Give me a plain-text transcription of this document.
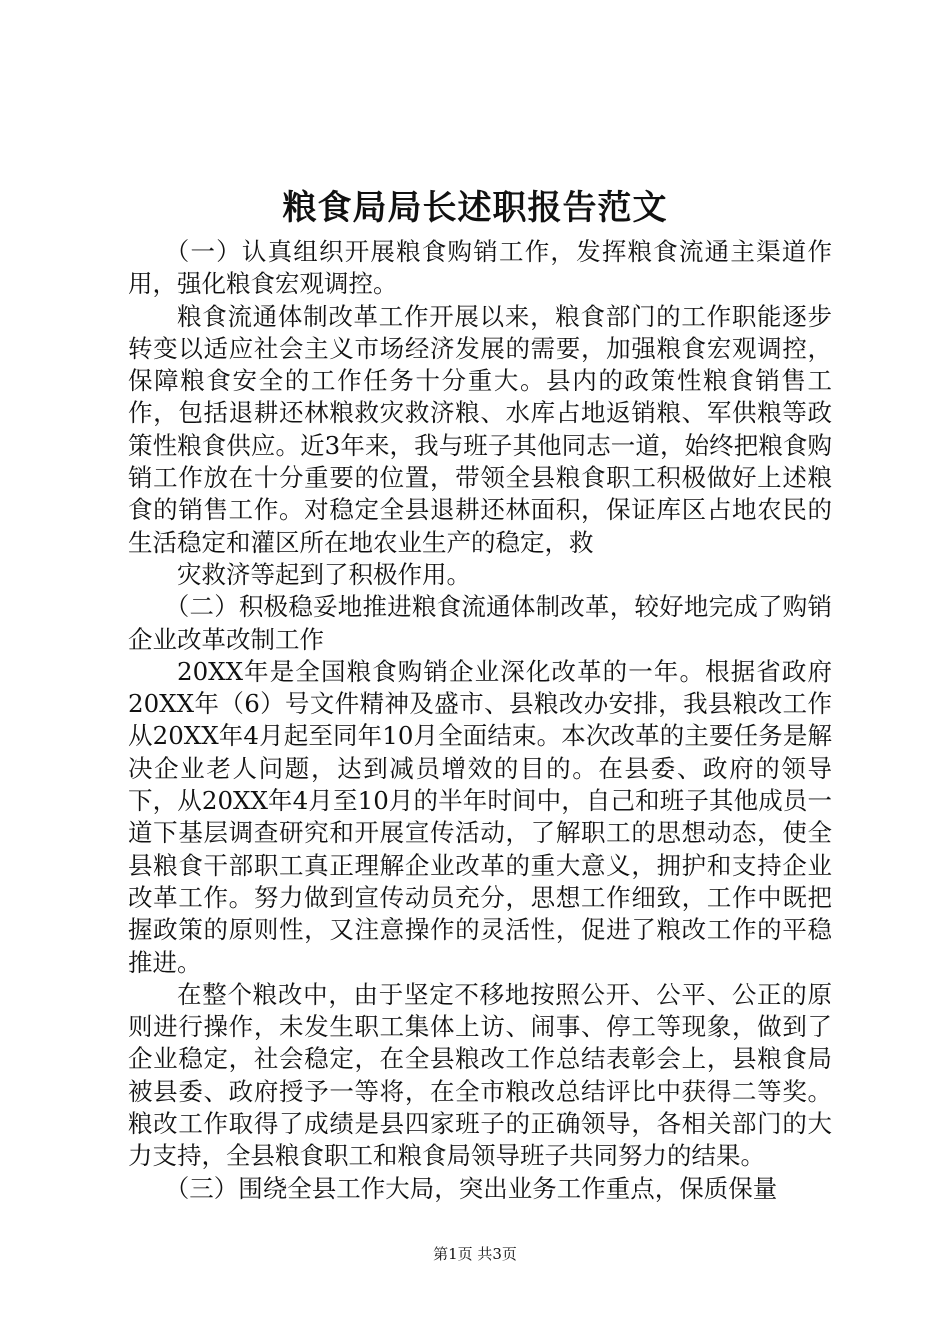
粮食局局长述职报告范文

（一）认真组织开展粮食购销工作，发挥粮食流通主渠道作用，强化粮食宏观调控。

粮食流通体制改革工作开展以来，粮食部门的工作职能逐步转变以适应社会主义市场经济发展的需要，加强粮食宏观调控，保障粮食安全的工作任务十分重大。县内的政策性粮食销售工作，包括退耕还林粮救灾救济粮、水库占地返销粮、军供粮等政策性粮食供应。近3年来，我与班子其他同志一道，始终把粮食购销工作放在十分重要的位置，带领全县粮食职工积极做好上述粮食的销售工作。对稳定全县退耕还林面积，保证库区占地农民的生活稳定和灌区所在地农业生产的稳定，救

灾救济等起到了积极作用。

（二）积极稳妥地推进粮食流通体制改革，较好地完成了购销企业改革改制工作

20XX年是全国粮食购销企业深化改革的一年。根据省政府20XX年（6）号文件精神及盛市、县粮改办安排，我县粮改工作从20XX年4月起至同年10月全面结束。本次改革的主要任务是解决企业老人问题，达到减员增效的目的。在县委、政府的领导下，从20XX年4月至10月的半年时间中，自己和班子其他成员一道下基层调查研究和开展宣传活动，了解职工的思想动态，使全县粮食干部职工真正理解企业改革的重大意义，拥护和支持企业改革工作。努力做到宣传动员充分，思想工作细致，工作中既把握政策的原则性，又注意操作的灵活性，促进了粮改工作的平稳推进。

在整个粮改中，由于坚定不移地按照公开、公平、公正的原则进行操作，未发生职工集体上访、闹事、停工等现象，做到了企业稳定，社会稳定，在全县粮改工作总结表彰会上，县粮食局被县委、政府授予一等将，在全市粮改总结评比中获得二等奖。粮改工作取得了成绩是县四家班子的正确领导，各相关部门的大力支持，全县粮食职工和粮食局领导班子共同努力的结果。

（三）围绕全县工作大局，突出业务工作重点，保质保量

第1页 共3页
